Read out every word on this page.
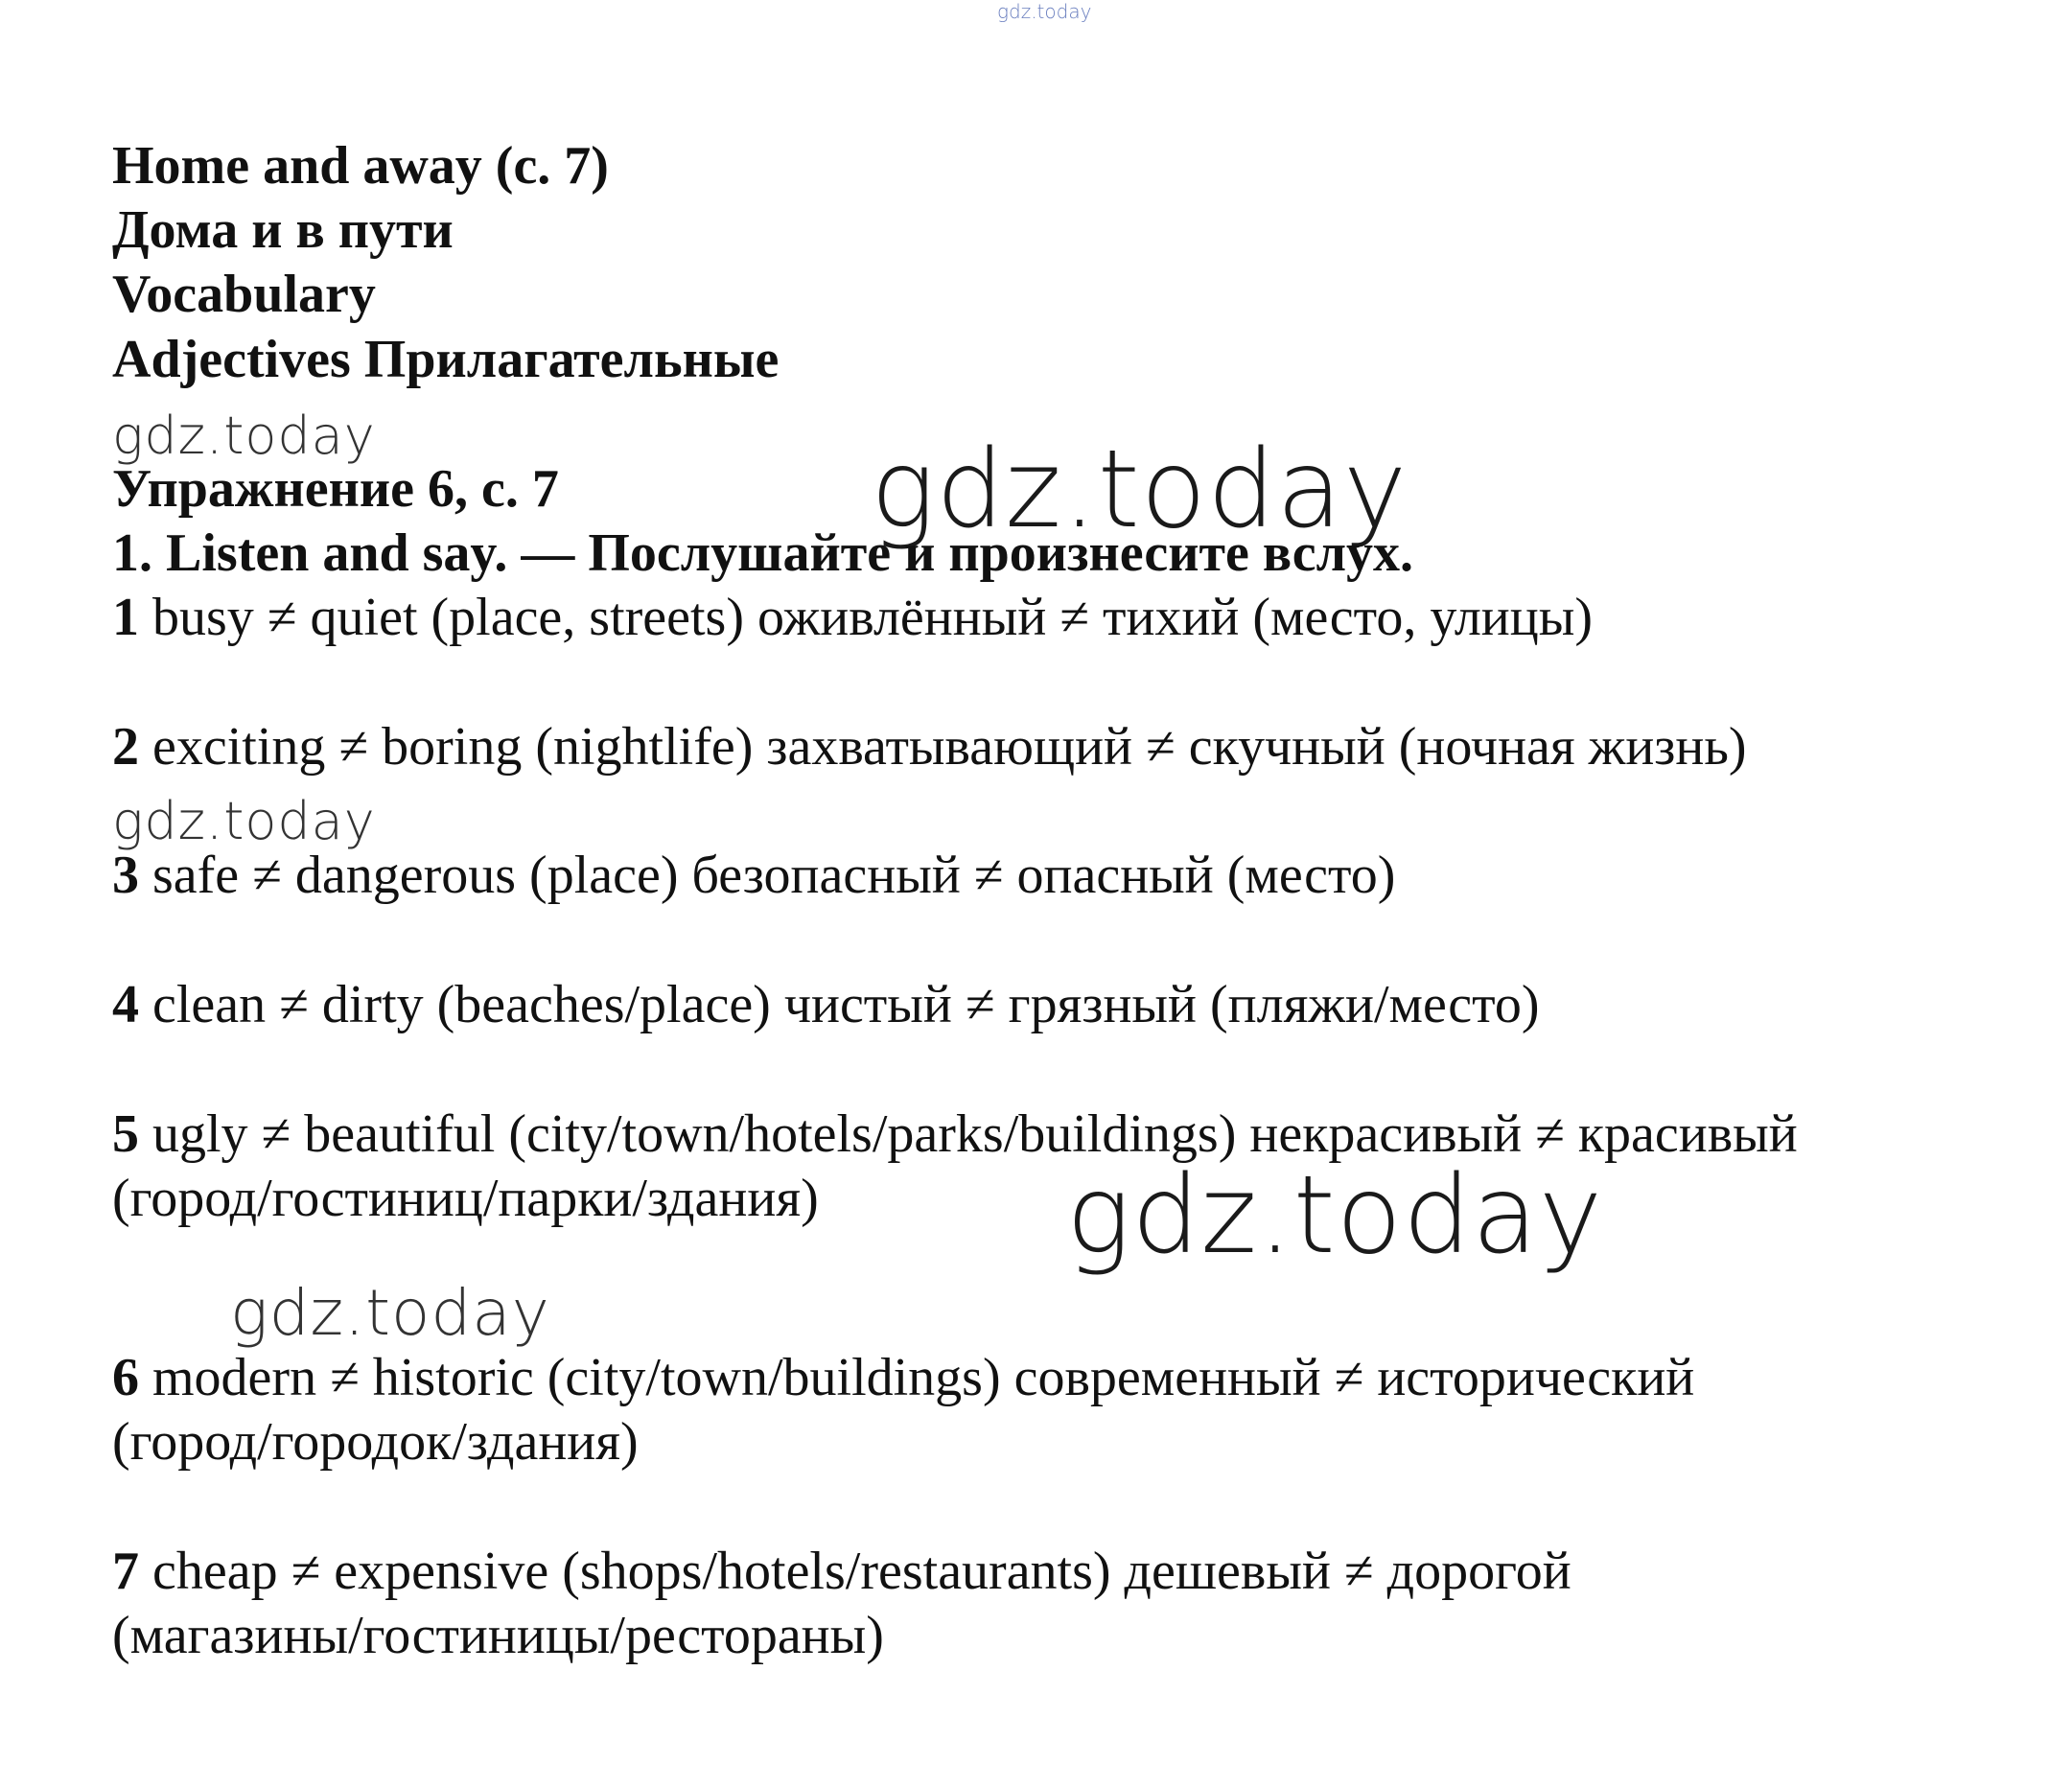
gdz.today
gdz.today	gdz.today
gdz.today
gdz.today
gdz.today
Home and away (с. 7)
Дома и в пути
Vocabulary
Adjectives Прилагательные
Упражнение 6, с. 7
1. Listen and say. — Послушайте и произнесите вслух.
1 busy ≠ quiet (place, streets) оживлённый ≠ тихий (место, улицы)
2 exciting ≠ boring (nightlife) захватывающий ≠ скучный (ночная жизнь)
3 safe ≠ dangerous (place) безопасный ≠ опасный (место)
4 clean ≠ dirty (beaches/place) чистый ≠ грязный (пляжи/место)
5 ugly ≠ beautiful (city/town/hotels/parks/buildings) некрасивый ≠ красивый
(город/гостиниц/парки/здания)
6 modern ≠ historic (city/town/buildings) современный ≠ исторический
(город/городок/здания)
7 cheap ≠ expensive (shops/hotels/restaurants) дешевый ≠ дорогой
(магазины/гостиницы/рестораны)
